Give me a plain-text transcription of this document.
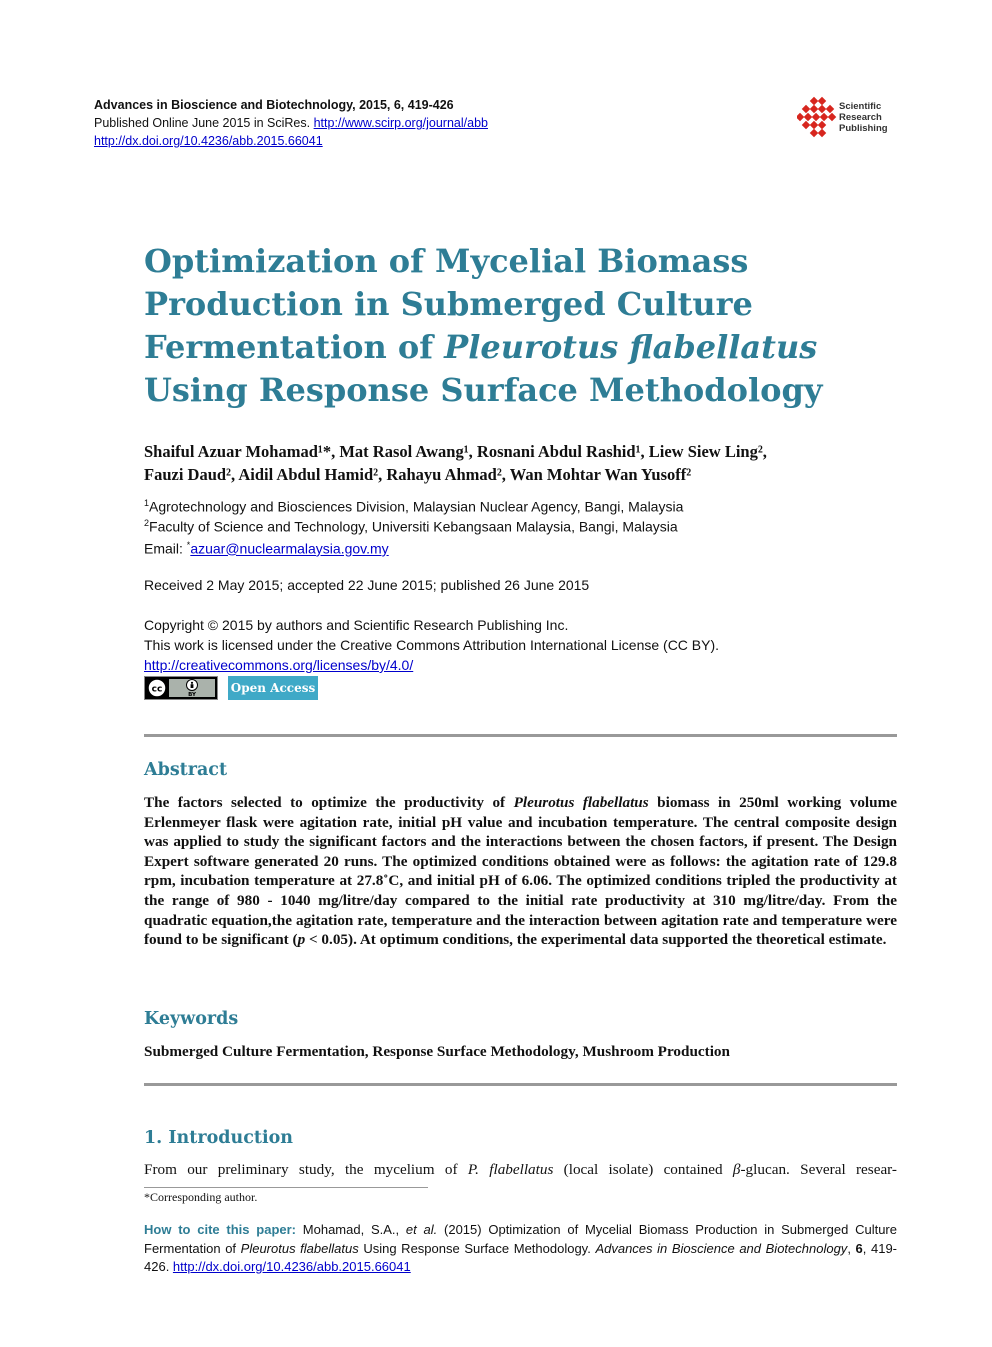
Advances in Bioscience and Biotechnology, 2015, 6, 419-426
Published Online June 2015 in SciRes. http://www.scirp.org/journal/abb
http://dx.doi.org/10.4236/abb.2015.66041
Scientific
Research
Publishing
Optimization of Mycelial Biomass
Production in Submerged Culture
Fermentation of Pleurotus flabellatus
Using Response Surface Methodology
Shaiful Azuar Mohamad¹*, Mat Rasol Awang¹, Rosnani Abdul Rashid¹, Liew Siew Ling²,
Fauzi Daud², Aidil Abdul Hamid², Rahayu Ahmad², Wan Mohtar Wan Yusoff²
$^1$Agrotechnology and Biosciences Division, Malaysian Nuclear Agency, Bangi, Malaysia
$^2$Faculty of Science and Technology, Universiti Kebangsaan Malaysia, Bangi, Malaysia
Email: *azuar@nuclearmalaysia.gov.my
Received 2 May 2015; accepted 22 June 2015; published 26 June 2015
Copyright © 2015 by authors and Scientific Research Publishing Inc.
This work is licensed under the Creative Commons Attribution International License (CC BY).
http://creativecommons.org/licenses/by/4.0/
cc
BY	Open Access
Abstract
The factors selected to optimize the productivity of Pleurotus flabellatus biomass in 250ml working volume Erlenmeyer flask were agitation rate, initial pH value and incubation temperature. The central composite design was applied to study the significant factors and the interactions between the chosen factors, if present. The Design Expert software generated 20 runs. The optimized conditions obtained were as follows: the agitation rate of 129.8 rpm, incubation temperature at 27.8˚C, and initial pH of 6.06. The optimized conditions tripled the productivity at the range of 980 - 1040 mg/litre/day compared to the initial rate productivity at 310 mg/litre/day. From the quadratic equation,the agitation rate, temperature and the interaction between agitation rate and temperature were found to be significant (p < 0.05). At optimum conditions, the experimental data supported the theoretical estimate.
Keywords
Submerged Culture Fermentation, Response Surface Methodology, Mushroom Production
1. Introduction
From our preliminary study, the mycelium of P. flabellatus (local isolate) contained β-glucan. Several resear-
*Corresponding author.
How to cite this paper: Mohamad, S.A., et al. (2015) Optimization of Mycelial Biomass Production in Submerged Culture Fermentation of Pleurotus flabellatus Using Response Surface Methodology. Advances in Bioscience and Biotechnology, 6, 419-426. http://dx.doi.org/10.4236/abb.2015.66041
